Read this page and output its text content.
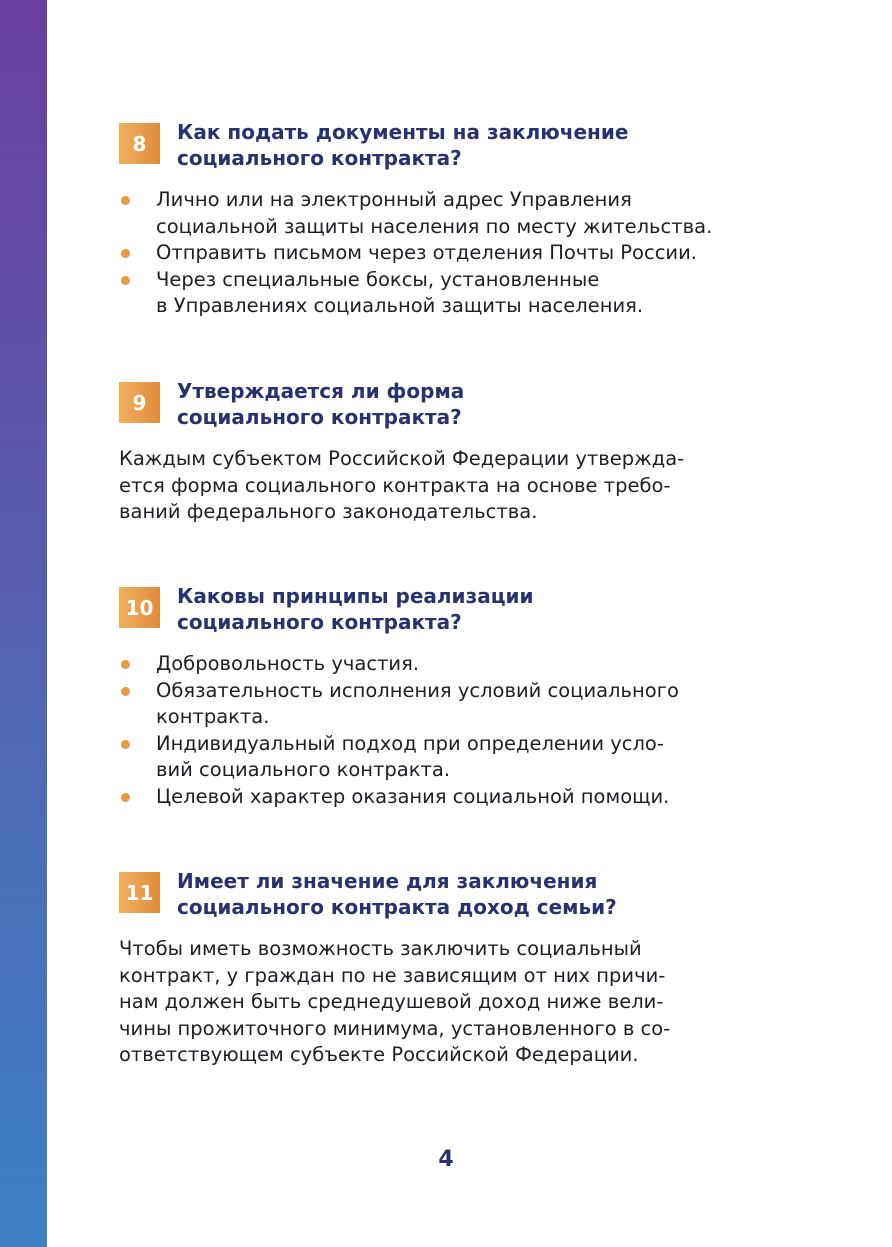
8	Как подать документы на заключение
социального контракта?
Лично или на электронный адрес Управления
социальной защиты населения по месту жительства.
Отправить письмом через отделения Почты России.
Через специальные боксы, установленные
в Управлениях социальной защиты населения.
9	Утверждается ли форма
социального контракта?

Каждым субъектом Российской Федерации утвержда-
ется форма социального контракта на основе требо-
ваний федерального законодательства.

10	Каковы принципы реализации
социального контракта?
Добровольность участия.
Обязательность исполнения условий социального
контракта.
Индивидуальный подход при определении усло-
вий социального контракта.
Целевой характер оказания социальной помощи.
11	Имеет ли значение для заключения
социального контракта доход семьи?

Чтобы иметь возможность заключить социальный
контракт, у граждан по не зависящим от них причи-
нам должен быть среднедушевой доход ниже вели-
чины прожиточного минимума, установленного в со-
ответствующем субъекте Российской Федерации.

4
